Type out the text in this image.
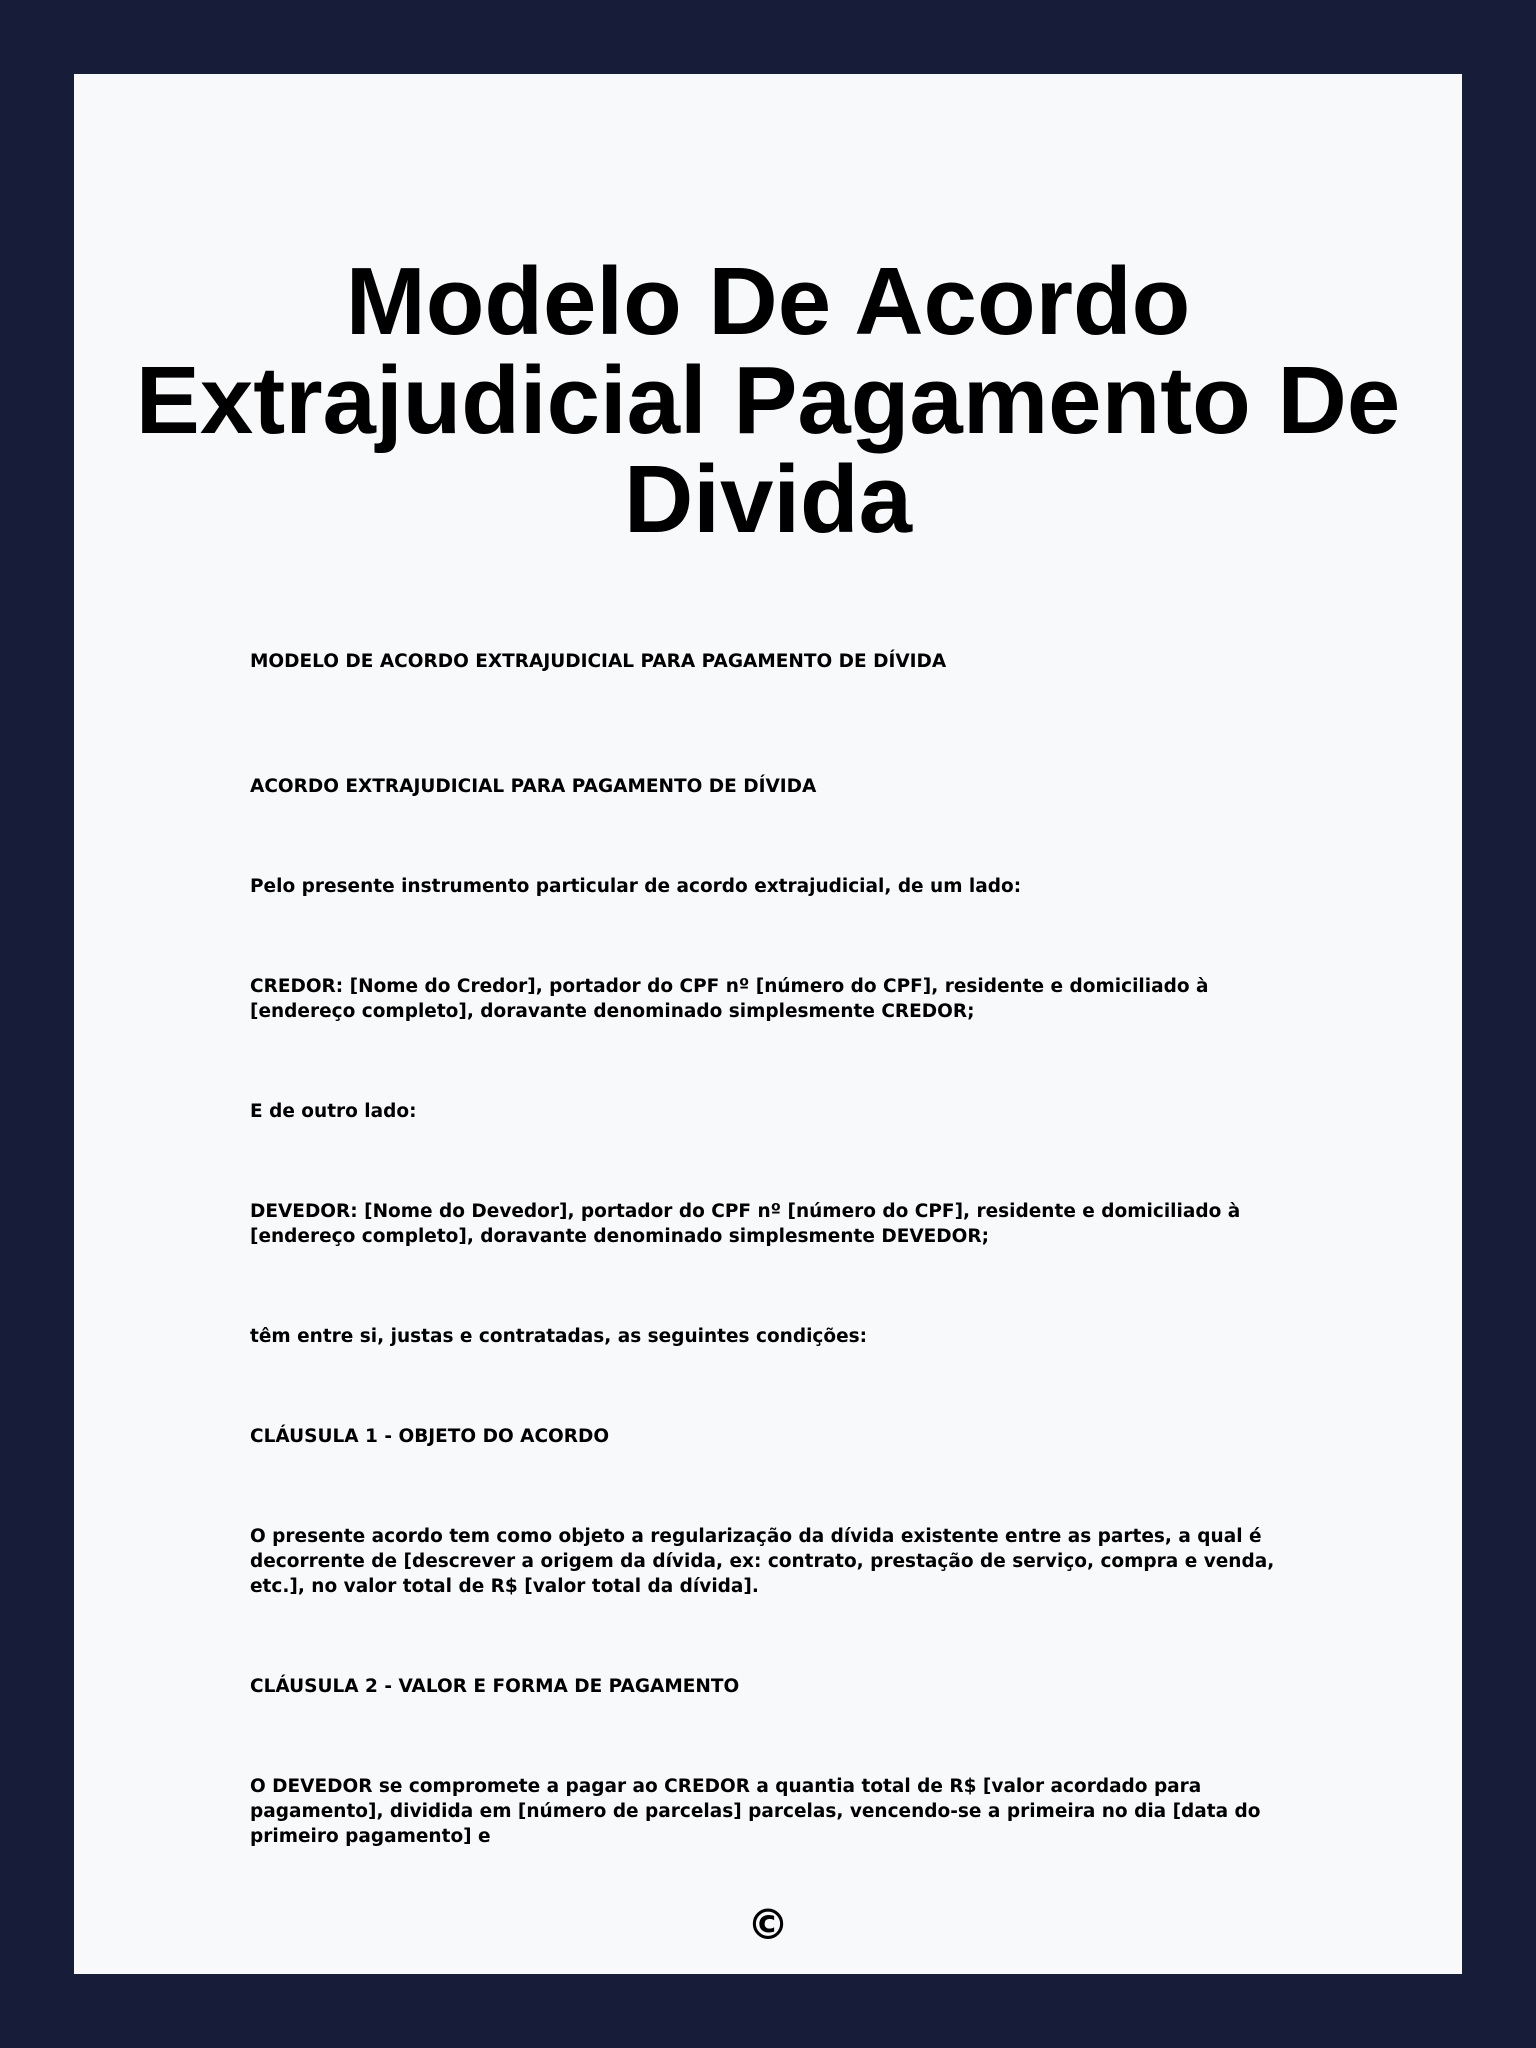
Modelo De Acordo Extrajudicial Pagamento De Divida

MODELO DE ACORDO EXTRAJUDICIAL PARA PAGAMENTO DE DÍVIDA

ACORDO EXTRAJUDICIAL PARA PAGAMENTO DE DÍVIDA

Pelo presente instrumento particular de acordo extrajudicial, de um lado:

CREDOR: [Nome do Credor], portador do CPF nº [número do CPF], residente e domiciliado à [endereço completo], doravante denominado simplesmente CREDOR;

E de outro lado:

DEVEDOR: [Nome do Devedor], portador do CPF nº [número do CPF], residente e domiciliado à [endereço completo], doravante denominado simplesmente DEVEDOR;

têm entre si, justas e contratadas, as seguintes condições:

CLÁUSULA 1 - OBJETO DO ACORDO

O presente acordo tem como objeto a regularização da dívida existente entre as partes, a qual é decorrente de [descrever a origem da dívida, ex: contrato, prestação de serviço, compra e venda, etc.], no valor total de R$ [valor total da dívida].

CLÁUSULA 2 - VALOR E FORMA DE PAGAMENTO

O DEVEDOR se compromete a pagar ao CREDOR a quantia total de R$ [valor acordado para pagamento], dividida em [número de parcelas] parcelas, vencendo-se a primeira no dia [data do primeiro pagamento] e

©
